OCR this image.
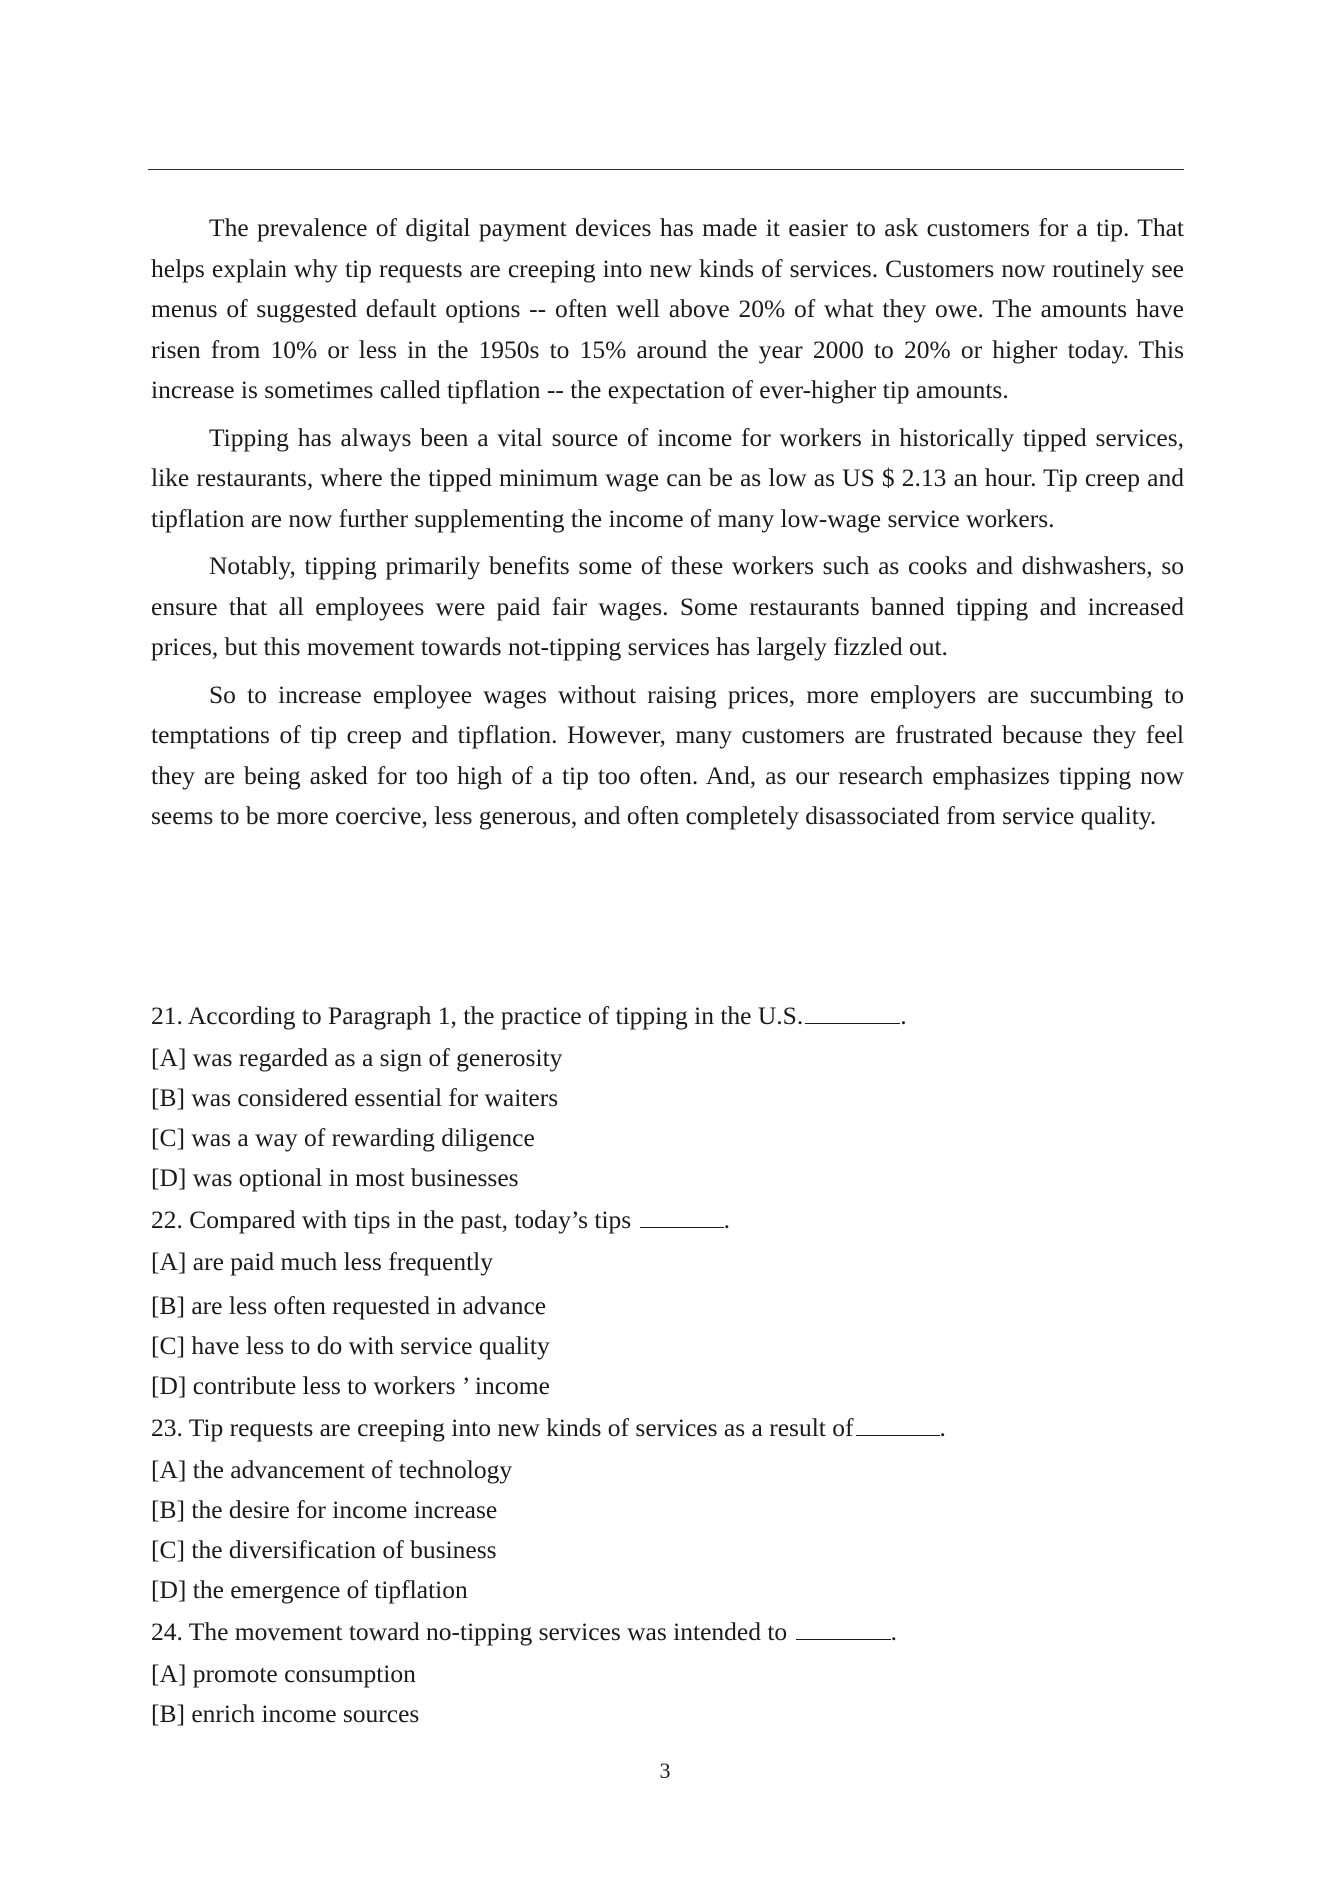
The prevalence of digital payment devices has made it easier to ask customers for a tip. That helps explain why tip requests are creeping into new kinds of services. Customers now routinely see menus of suggested default options -- often well above 20% of what they owe. The amounts have risen from 10% or less in the 1950s to 15% around the year 2000 to 20% or higher today. This increase is sometimes called tipflation -- the expectation of ever-higher tip amounts.

Tipping has always been a vital source of income for workers in historically tipped services, like restaurants, where the tipped minimum wage can be as low as US $ 2.13 an hour. Tip creep and tipflation are now further supplementing the income of many low-wage service workers.

Notably, tipping primarily benefits some of these workers such as cooks and dishwashers, so ensure that all employees were paid fair wages. Some restaurants banned tipping and increased prices, but this movement towards not-tipping services has largely fizzled out.

So to increase employee wages without raising prices, more employers are succumbing to temptations of tip creep and tipflation. However, many customers are frustrated because they feel they are being asked for too high of a tip too often. And, as our research emphasizes tipping now seems to be more coercive, less generous, and often completely disassociated from service quality.

21. According to Paragraph 1, the practice of tipping in the U.S.	.
[A] was regarded as a sign of generosity
[B] was considered essential for waiters
[C] was a way of rewarding diligence
[D] was optional in most businesses
22. Compared with tips in the past, today’s tips	.
[A] are paid much less frequently
[B] are less often requested in advance
[C] have less to do with service quality
[D] contribute less to workers ’ income
23. Tip requests are creeping into new kinds of services as a result of	.
[A] the advancement of technology
[B] the desire for income increase
[C] the diversification of business
[D] the emergence of tipflation
24. The movement toward no-tipping services was intended to	.
[A] promote consumption
[B] enrich income sources
3
